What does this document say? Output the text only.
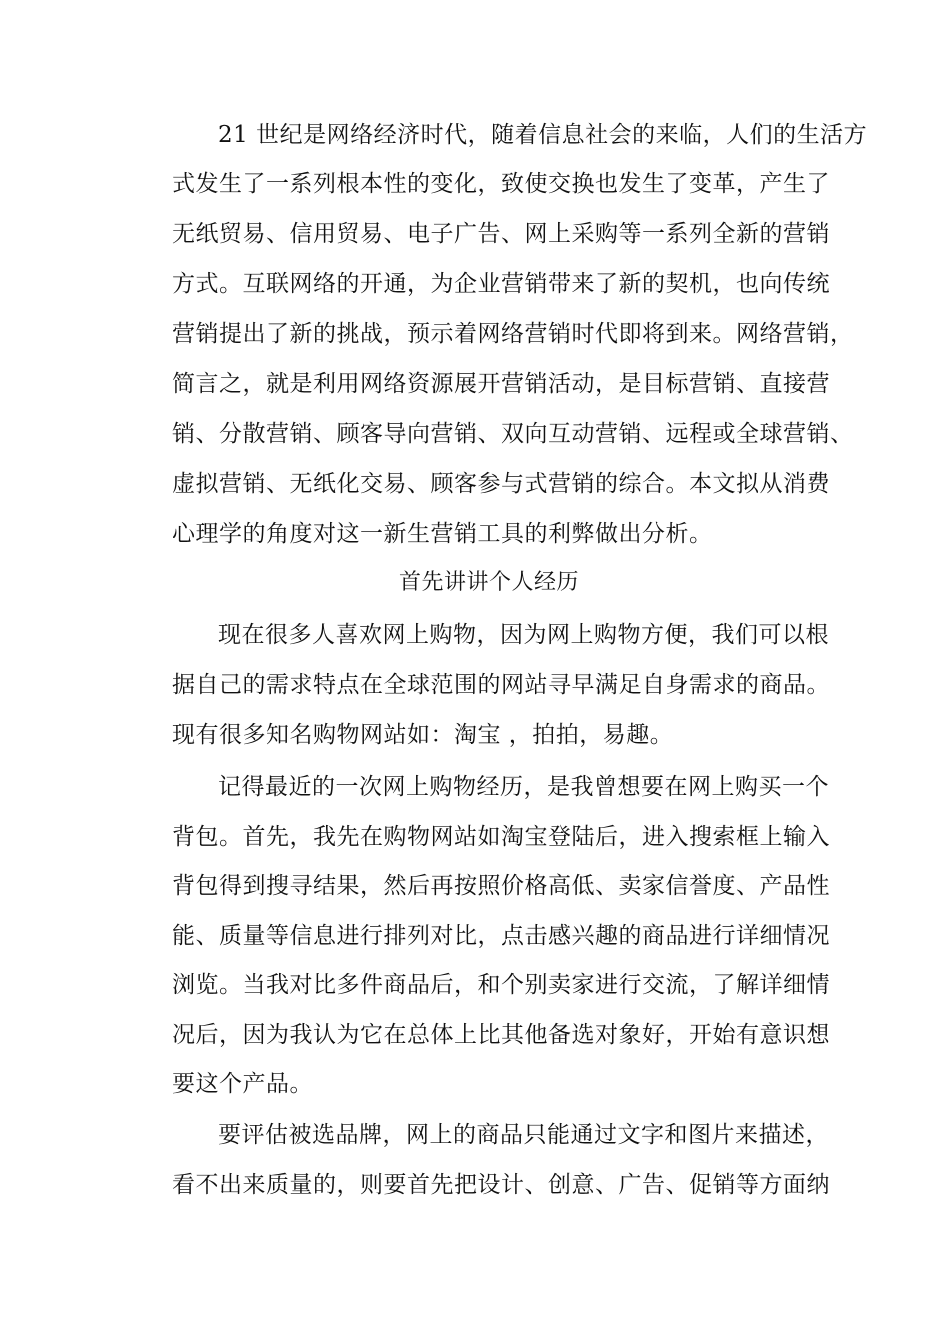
21 世纪是网络经济时代，随着信息社会的来临，人们的生活方
式发生了一系列根本性的变化，致使交换也发生了变革，产生了
无纸贸易、信用贸易、电子广告、网上采购等一系列全新的营销
方式。互联网络的开通，为企业营销带来了新的契机，也向传统
营销提出了新的挑战，预示着网络营销时代即将到来。网络营销，
简言之，就是利用网络资源展开营销活动，是目标营销、直接营
销、分散营销、顾客导向营销、双向互动营销、远程或全球营销、
虚拟营销、无纸化交易、顾客参与式营销的综合。本文拟从消费
心理学的角度对这一新生营销工具的利弊做出分析。
首先讲讲个人经历
现在很多人喜欢网上购物，因为网上购物方便，我们可以根
据自己的需求特点在全球范围的网站寻早满足自身需求的商品。
现有很多知名购物网站如：淘宝 ，拍拍，易趣。
记得最近的一次网上购物经历，是我曾想要在网上购买一个
背包。首先，我先在购物网站如淘宝登陆后，进入搜索框上输入
背包得到搜寻结果，然后再按照价格高低、卖家信誉度、产品性
能、质量等信息进行排列对比，点击感兴趣的商品进行详细情况
浏览。当我对比多件商品后，和个别卖家进行交流，了解详细情
况后，因为我认为它在总体上比其他备选对象好，开始有意识想
要这个产品。
要评估被选品牌，网上的商品只能通过文字和图片来描述，
看不出来质量的，则要首先把设计、创意、广告、促销等方面纳
